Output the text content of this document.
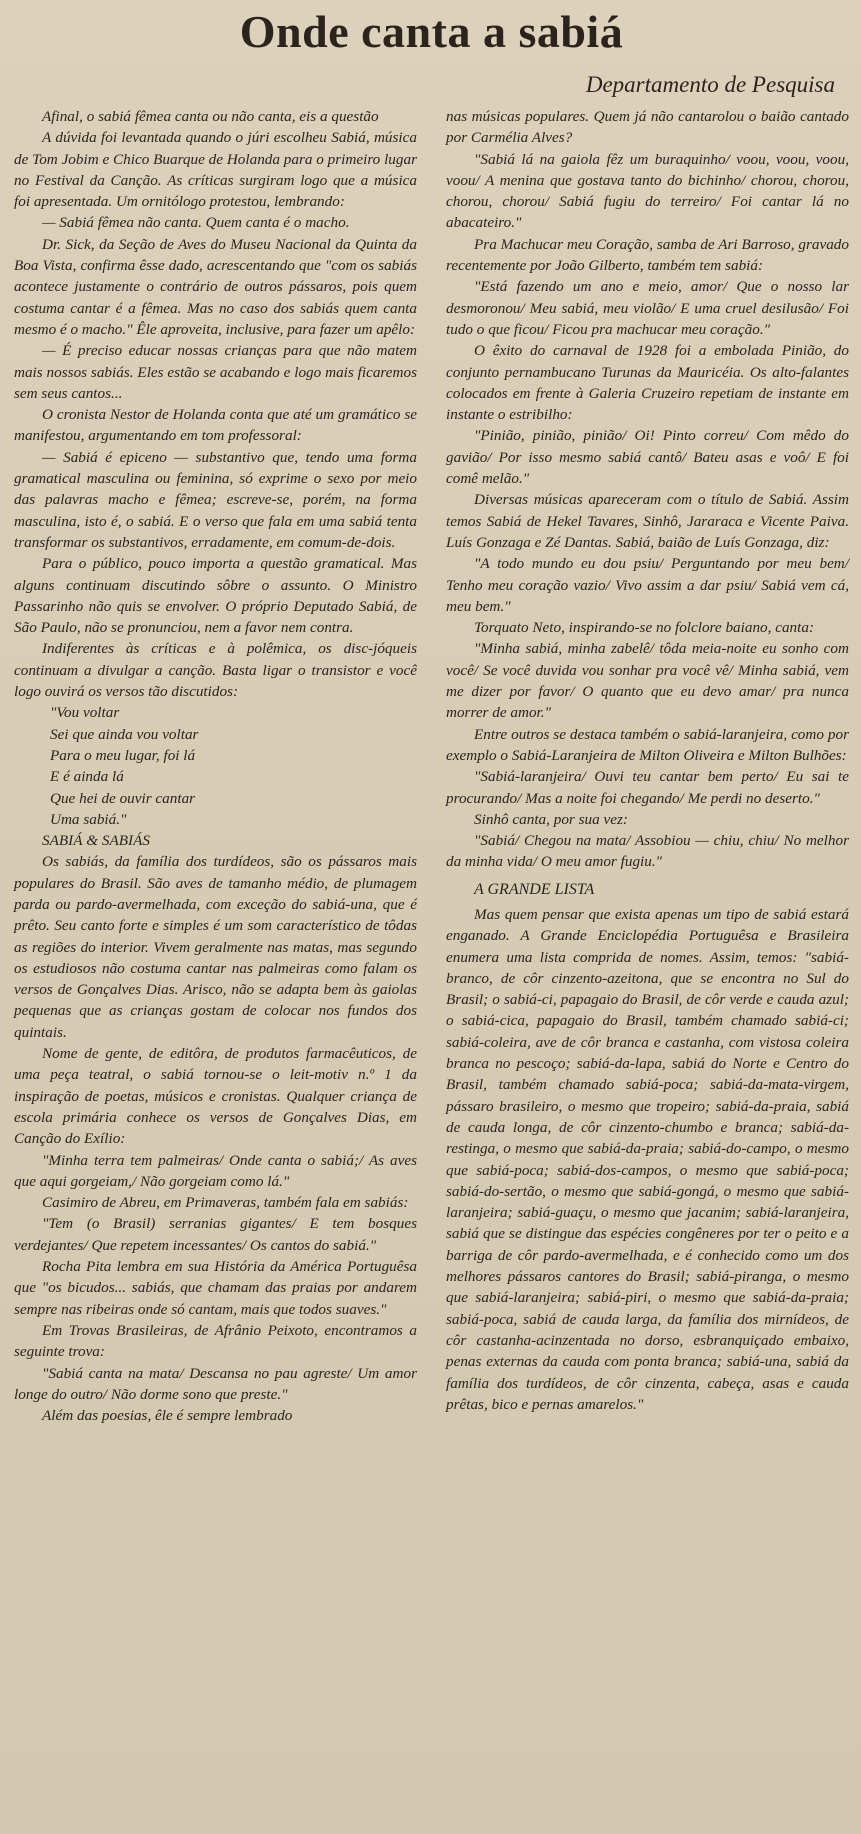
Onde canta a sabiá
Departamento de Pesquisa

Afinal, o sabiá fêmea canta ou não canta, eis a questão

A dúvida foi levantada quando o júri escolheu Sabiá, música de Tom Jobim e Chico Buarque de Holanda para o primeiro lugar no Festival da Canção. As críticas surgiram logo que a música foi apresentada. Um ornitólogo protestou, lembrando:

— Sabiá fêmea não canta. Quem canta é o macho.

Dr. Sick, da Seção de Aves do Museu Nacional da Quinta da Boa Vista, confirma êsse dado, acrescentando que "com os sabiás acontece justamente o contrário de outros pássaros, pois quem costuma cantar é a fêmea. Mas no caso dos sabiás quem canta mesmo é o macho." Êle aproveita, inclusive, para fazer um apêlo:

— É preciso educar nossas crianças para que não matem mais nossos sabiás. Eles estão se acabando e logo mais ficaremos sem seus cantos...

O cronista Nestor de Holanda conta que até um gramático se manifestou, argumentando em tom professoral:

— Sabiá é epiceno — substantivo que, tendo uma forma gramatical masculina ou feminina, só exprime o sexo por meio das palavras macho e fêmea; escreve-se, porém, na forma masculina, isto é, o sabiá. E o verso que fala em uma sabiá tenta transformar os substantivos, erradamente, em comum-de-dois.

Para o público, pouco importa a questão gramatical. Mas alguns continuam discutindo sôbre o assunto. O Ministro Passarinho não quis se envolver. O próprio Deputado Sabiá, de São Paulo, não se pronunciou, nem a favor nem contra.

Indiferentes às críticas e à polêmica, os disc-jóqueis continuam a divulgar a canção. Basta ligar o transistor e você logo ouvirá os versos tão discutidos:

"Vou voltar
Sei que ainda vou voltar
Para o meu lugar, foi lá
E é ainda lá
Que hei de ouvir cantar
Uma sabiá."

SABIÁ & SABIÁS

Os sabiás, da família dos turdídeos, são os pássaros mais populares do Brasil. São aves de tamanho médio, de plumagem parda ou pardo-avermelhada, com exceção do sabiá-una, que é prêto. Seu canto forte e simples é um som característico de tôdas as regiões do interior. Vivem geralmente nas matas, mas segundo os estudiosos não costuma cantar nas palmeiras como falam os versos de Gonçalves Dias. Arisco, não se adapta bem às gaiolas pequenas que as crianças gostam de colocar nos fundos dos quintais.

Nome de gente, de editôra, de produtos farmacêuticos, de uma peça teatral, o sabiá tornou-se o leit-motiv n.º 1 da inspiração de poetas, músicos e cronistas. Qualquer criança de escola primária conhece os versos de Gonçalves Dias, em Canção do Exílio:

"Minha terra tem palmeiras/ Onde canta o sabiá;/ As aves que aqui gorgeiam,/ Não gorgeiam como lá."

Casimiro de Abreu, em Primaveras, também fala em sabiás:

"Tem (o Brasil) serranias gigantes/ E tem bosques verdejantes/ Que repetem incessantes/ Os cantos do sabiá."

Rocha Pita lembra em sua História da América Portuguêsa que "os bicudos... sabiás, que chamam das praias por andarem sempre nas ribeiras onde só cantam, mais que todos suaves."

Em Trovas Brasileiras, de Afrânio Peixoto, encontramos a seguinte trova:

"Sabiá canta na mata/ Descansa no pau agreste/ Um amor longe do outro/ Não dorme sono que preste."

Além das poesias, êle é sempre lembrado

nas músicas populares. Quem já não cantarolou o baião cantado por Carmélia Alves?

"Sabiá lá na gaiola fêz um buraquinho/ voou, voou, voou, voou/ A menina que gostava tanto do bichinho/ chorou, chorou, chorou, chorou/ Sabiá fugiu do terreiro/ Foi cantar lá no abacateiro."

Pra Machucar meu Coração, samba de Ari Barroso, gravado recentemente por João Gilberto, também tem sabiá:

"Está fazendo um ano e meio, amor/ Que o nosso lar desmoronou/ Meu sabiá, meu violão/ E uma cruel desilusão/ Foi tudo o que ficou/ Ficou pra machucar meu coração."

O êxito do carnaval de 1928 foi a embolada Pinião, do conjunto pernambucano Turunas da Mauricéia. Os alto-falantes colocados em frente à Galeria Cruzeiro repetiam de instante em instante o estribilho:

"Pinião, pinião, pinião/ Oi! Pinto correu/ Com mêdo do gavião/ Por isso mesmo sabiá cantô/ Bateu asas e voô/ E foi comê melão."

Diversas músicas apareceram com o título de Sabiá. Assim temos Sabiá de Hekel Tavares, Sinhô, Jararaca e Vicente Paiva. Luís Gonzaga e Zé Dantas. Sabiá, baião de Luís Gonzaga, diz:

"A todo mundo eu dou psiu/ Perguntando por meu bem/ Tenho meu coração vazio/ Vivo assim a dar psiu/ Sabiá vem cá, meu bem."

Torquato Neto, inspirando-se no folclore baiano, canta:

"Minha sabiá, minha zabelê/ tôda meia-noite eu sonho com você/ Se você duvida vou sonhar pra você vê/ Minha sabiá, vem me dizer por favor/ O quanto que eu devo amar/ pra nunca morrer de amor."

Entre outros se destaca também o sabiá-laranjeira, como por exemplo o Sabiá-Laranjeira de Milton Oliveira e Milton Bulhões:

"Sabiá-laranjeira/ Ouvi teu cantar bem perto/ Eu sai te procurando/ Mas a noite foi chegando/ Me perdi no deserto."

Sinhô canta, por sua vez:

"Sabiá/ Chegou na mata/ Assobiou — chiu, chiu/ No melhor da minha vida/ O meu amor fugiu."

A GRANDE LISTA

Mas quem pensar que exista apenas um tipo de sabiá estará enganado. A Grande Enciclopédia Portuguêsa e Brasileira enumera uma lista comprida de nomes. Assim, temos: "sabiá-branco, de côr cinzento-azeitona, que se encontra no Sul do Brasil; o sabiá-ci, papagaio do Brasil, de côr verde e cauda azul; o sabiá-cica, papagaio do Brasil, também chamado sabiá-ci; sabiá-coleira, ave de côr branca e castanha, com vistosa coleira branca no pescoço; sabiá-da-lapa, sabiá do Norte e Centro do Brasil, também chamado sabiá-poca; sabiá-da-mata-virgem, pássaro brasileiro, o mesmo que tropeiro; sabiá-da-praia, sabiá de cauda longa, de côr cinzento-chumbo e branca; sabiá-da-restinga, o mesmo que sabiá-da-praia; sabiá-do-campo, o mesmo que sabiá-poca; sabiá-dos-campos, o mesmo que sabiá-poca; sabiá-do-sertão, o mesmo que sabiá-gongá, o mesmo que sabiá-laranjeira; sabiá-guaçu, o mesmo que jacanim; sabiá-laranjeira, sabiá que se distingue das espécies congêneres por ter o peito e a barriga de côr pardo-avermelhada, e é conhecido como um dos melhores pássaros cantores do Brasil; sabiá-piranga, o mesmo que sabiá-laranjeira; sabiá-piri, o mesmo que sabiá-da-praia; sabiá-poca, sabiá de cauda larga, da família dos mirnídeos, de côr castanha-acinzentada no dorso, esbranquiçado embaixo, penas externas da cauda com ponta branca; sabiá-una, sabiá da família dos turdídeos, de côr cinzenta, cabeça, asas e cauda prêtas, bico e pernas amarelos."
